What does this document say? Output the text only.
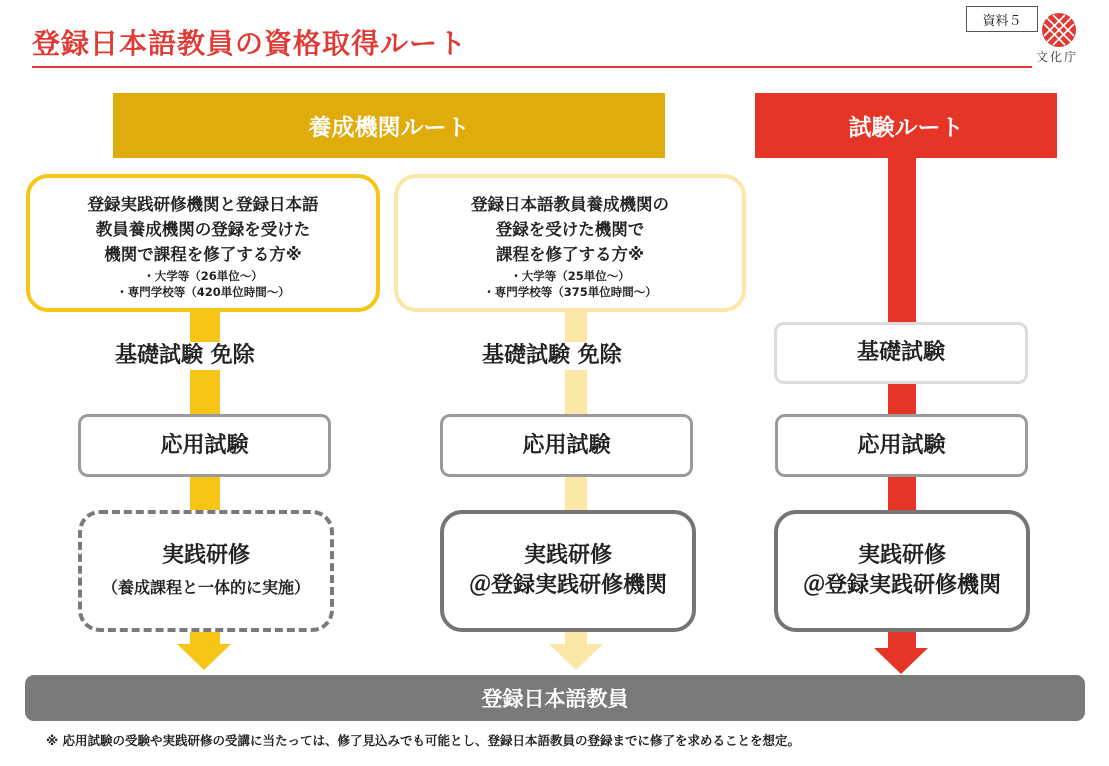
登録日本語教員の資格取得ルート
資料５
文化庁
養成機関ルート	試験ルート
登録実践研修機関と登録日本語
教員養成機関の登録を受けた
機関で課程を修了する方※
・大学等（26単位〜）
・専門学校等（420単位時間〜）
登録日本語教員養成機関の
登録を受けた機関で
課程を修了する方※
・大学等（25単位〜）
・専門学校等（375単位時間〜）
基礎試験 免除	基礎試験 免除	基礎試験
応用試験	応用試験	応用試験
実践研修
（養成課程と一体的に実施）
実践研修
＠登録実践研修機関
実践研修
＠登録実践研修機関
登録日本語教員
※ 応用試験の受験や実践研修の受講に当たっては、修了見込みでも可能とし、登録日本語教員の登録までに修了を求めることを想定。
